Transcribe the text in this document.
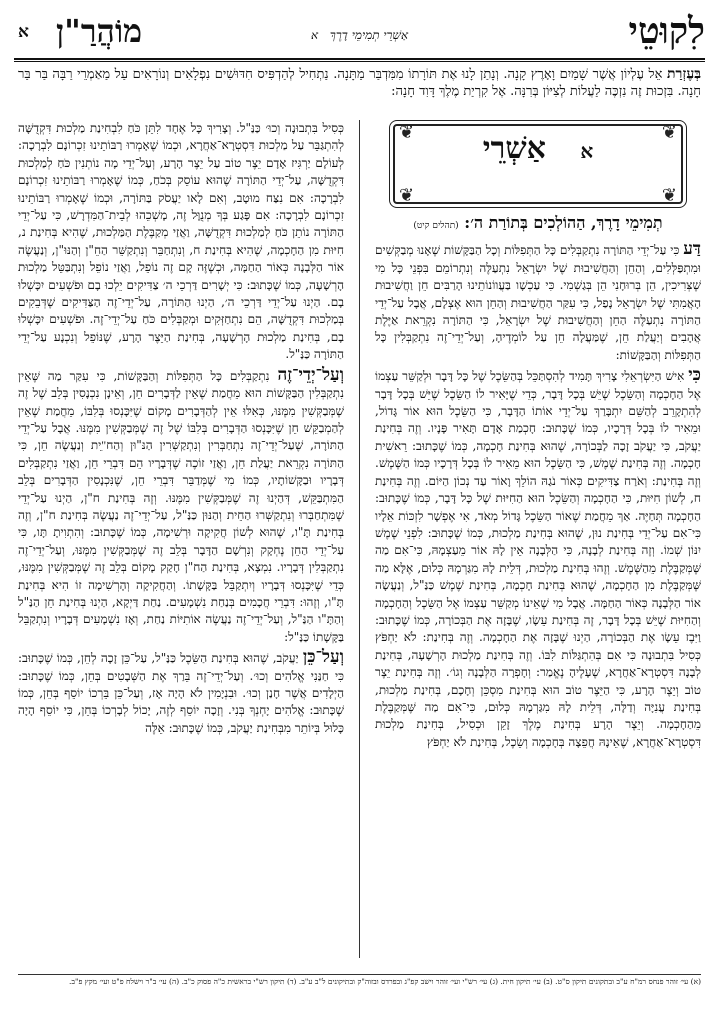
לִקוּטֵי
אַשְׁרֵי תְמִימֵי דָרֶךְ א
מוֹהֲרַ"ן
א
בְּעֶזְרַת אֵל עֶלְיוֹן אֲשֶׁר שָׁמַיִם וָאָרֶץ קָנָה. וְנָתַן לָנוּ אֶת תּוֹרָתוֹ מִמִּדְבַּר מַתָּנָה. נַתְחִיל לְהַדְפִּיס חִדּוּשִׁים נִפְלָאִים וְנוֹרָאִים עַל מַאַמְרֵי רַבָּה בַּר בַּר חָנָה. בִּזְכוּת זֶה נִזְכֶּה לַעֲלוֹת לְצִיּוֹן בְּרִנָּה. אֶל קִרְיַת מֶלֶךְ דָּוִד חָנָה:
❦	❦
❦	❦
א אַשְׁרֵי
תְמִימֵי דָרֶךְ, הַהוֹלְכִים בְּתוֹרַת ה׳: (תהלים קיט)

דַּע כִּי עַל־יְדֵי הַתּוֹרָה נִתְקַבְּלִים כָּל הַתְּפִלּוֹת וְכָל הַבַּקָּשׁוֹת שֶׁאָנוּ מְבַקְּשִׁים וּמִתְפַּלְּלִים, וְהַחֵן וְהַחֲשִׁיבוּת שֶׁל יִשְׂרָאֵל נִתְעַלֶּה וְנִתְרוֹמֵם בִּפְנֵי כָּל מִי שֶׁצְּרִיכִין, הֵן בְּרוּחָנִי הֵן בְּגַשְׁמִי. כִּי עַכְשָׁו בַּעֲווֹנוֹתֵינוּ הָרַבִּים חֵן וַחֲשִׁיבוּת הָאֲמִתִּי שֶׁל יִשְׂרָאֵל נָפַל, כִּי עִקַּר הַחֲשִׁיבוּת וְהַחֵן הוּא אֶצְלָם, אֲבָל עַל־יְדֵי הַתּוֹרָה נִתְעַלֶּה הַחֵן וְהַחֲשִׁיבוּת שֶׁל יִשְׂרָאֵל, כִּי הַתּוֹרָה נִקְרֵאת אַיֶּלֶת אֲהָבִים וְיַעֲלַת חֵן, שֶׁמַּעֲלָה חֵן עַל לוֹמְדֶיהָ, וְעַל־יְדֵי־זֶה נִתְקַבְּלִין כָּל הַתְּפִלּוֹת וְהַבַּקָּשׁוֹת:

כִּי אִישׁ הַיִּשְׂרְאֵלִי צָרִיךְ תָּמִיד לְהִסְתַּכֵּל בְּהַשֵּׂכֶל שֶׁל כָּל דָּבָר וּלְקַשֵּׁר עַצְמוֹ אֶל הַחָכְמָה וְהַשֵּׂכֶל שֶׁיֵּשׁ בְּכָל דָּבָר, כְּדֵי שֶׁיָּאִיר לוֹ הַשֵּׂכֶל שֶׁיֵּשׁ בְּכָל דָּבָר לְהִתְקָרֵב לְהַשֵּׁם יִתְבָּרַךְ עַל־יְדֵי אוֹתוֹ הַדָּבָר, כִּי הַשֵּׂכֶל הוּא אוֹר גָּדוֹל, וּמֵאִיר לוֹ בְּכָל דְּרָכָיו, כְּמוֹ שֶׁכָּתוּב: חָכְמַת אָדָם תָּאִיר פָּנָיו. וְזֶה בְּחִינַת יַעֲקֹב, כִּי יַעֲקֹב זָכָה לַבְּכוֹרָה, שֶׁהוּא בְּחִינַת חָכְמָה, כְּמוֹ שֶׁכָּתוּב: רֵאשִׁית חָכְמָה. וְזֶה בְּחִינַת שֶׁמֶשׁ, כִּי הַשֵּׂכֶל הוּא מֵאִיר לוֹ בְּכָל דְּרָכָיו כְּמוֹ הַשֶּׁמֶשׁ. וְזֶה בְּחִינַת: וְאֹרַח צַדִּיקִים כְּאוֹר נֹגַהּ הוֹלֵךְ וָאוֹר עַד נְכוֹן הַיּוֹם. וְזֶה בְּחִינַת ח, לְשׁוֹן חִיּוּת, כִּי הַחָכְמָה וְהַשֵּׂכֶל הוּא הַחִיּוּת שֶׁל כָּל דָּבָר, כְּמוֹ שֶׁכָּתוּב: הַחָכְמָה תְּחַיֶּה. אַךְ מֵחֲמַת שֶׁאוֹר הַשֵּׂכֶל גָּדוֹל מְאֹד, אִי אֶפְשָׁר לִזְכּוֹת אֵלָיו כִּי־אִם עַל־יְדֵי בְּחִינַת נוּן, שֶׁהוּא בְּחִינַת מַלְכוּת, כְּמוֹ שֶׁכָּתוּב: לִפְנֵי שֶׁמֶשׁ יִנּוֹן שְׁמוֹ. וְזֶה בְּחִינַת לְבָנָה, כִּי הַלְּבָנָה אֵין לָהּ אוֹר מֵעַצְמָהּ, כִּי־אִם מַה שֶּׁמְּקַבֶּלֶת מֵהַשֶּׁמֶשׁ. וְזֶהוּ בְּחִינַת מַלְכוּת, דְּלֵית לָהּ מִגַּרְמָהּ כְּלוּם, אֶלָּא מַה שֶּׁמְּקַבֶּלֶת מִן הַחָכְמָה, שֶׁהוּא בְּחִינַת חָכְמָה, בְּחִינַת שֶׁמֶשׁ כַּנַּ"ל, וְנַעֲשָׂה אוֹר הַלְּבָנָה כְּאוֹר הַחַמָּה. אֲבָל מִי שֶׁאֵינוֹ מְקַשֵּׁר עַצְמוֹ אֶל הַשֵּׂכֶל וְהַחָכְמָה וְהַחִיּוּת שֶׁיֵּשׁ בְּכָל דָּבָר, זֶה בְּחִינַת עֵשָׂו, שֶׁבָּזָה אֶת הַבְּכוֹרָה, כְּמוֹ שֶׁכָּתוּב: וַיִּבֶז עֵשָׂו אֶת הַבְּכוֹרָה, הַיְנוּ שֶׁבָּזָה אֶת הַחָכְמָה. וְזֶה בְּחִינַת: לֹא יַחְפֹּץ כְּסִיל בִּתְבוּנָה כִּי אִם בְּהִתְגַּלּוֹת לִבּוֹ. וְזֶה בְּחִינַת מַלְכוּת הָרְשָׁעָה, בְּחִינַת לְבָנָה דִּסְטְרָא־אַחֲרָא, שֶׁעָלֶיהָ נֶאֱמַר: וְחָפְרָה הַלְּבָנָה וְגוֹ׳. וְזֶה בְּחִינַת יֵצֶר טוֹב וְיֵצֶר הָרָע, כִּי הַיֵּצֶר טוֹב הוּא בְּחִינַת מִסְכֵּן וְחָכָם, בְּחִינַת מַלְכוּת, בְּחִינַת עֲנִיָּה וְדַלָּה, דְּלֵית לָהּ מִגַּרְמָהּ כְּלוּם, כִּי־אִם מַה שֶּׁמְּקַבֶּלֶת מֵהַחָכְמָה. וְיֵצֶר הָרָע בְּחִינַת מֶלֶךְ זָקֵן וּכְסִיל, בְּחִינַת מַלְכוּת דִּסְטְרָא־אַחֲרָא, שֶׁאֵינָהּ חֲפֵצָה בְּחָכְמָה וְשֵׂכֶל, בְּחִינַת לֹא יַחְפֹּץ

כְּסִיל בִּתְבוּנָה וְכוּ׳ כַּנַּ"ל. וְצָרִיךְ כָּל אֶחָד לִתֵּן כֹּחַ לִבְחִינַת מַלְכוּת דִּקְדֻשָּׁה לְהִתְגַּבֵּר עַל מַלְכוּת דִּסְטְרָא־אַחֲרָא, וּכְמוֹ שֶׁאָמְרוּ רַבּוֹתֵינוּ זִכְרוֹנָם לִבְרָכָה: לְעוֹלָם יַרְגִּיז אָדָם יֵצֶר טוֹב עַל יֵצֶר הָרָע, וְעַל־יְדֵי מָה נוֹתְנִין כֹּחַ לְמַלְכוּת דִּקְדֻשָּׁה, עַל־יְדֵי הַתּוֹרָה שֶׁהוּא עוֹסֵק בְּכֹחַ, כְּמוֹ שֶׁאָמְרוּ רַבּוֹתֵינוּ זִכְרוֹנָם לִבְרָכָה: אִם נִצַּח מוּטָב, וְאִם לָאו יַעֲסֹק בַּתּוֹרָה, וּכְמוֹ שֶׁאָמְרוּ רַבּוֹתֵינוּ זִכְרוֹנָם לִבְרָכָה: אִם פָּגַע בְּךָ מְנֻוָּל זֶה, מָשְׁכֵהוּ לְבֵית־הַמִּדְרָשׁ, כִּי עַל־יְדֵי הַתּוֹרָה נוֹתֵן כֹּחַ לְמַלְכוּת דִּקְדֻשָּׁה, וַאֲזַי מְקַבֶּלֶת הַמַּלְכוּת, שֶׁהִיא בְּחִינַת נ, חִיּוּת מִן הַחָכְמָה, שֶׁהִיא בְּחִינַת ח, וְנִתְחַבֵּר וְנִתְקַשֵּׁר הַחֵ"ן וְהַנּוּ"ן, וְנַעֲשֶׂה אוֹר הַלְּבָנָה כְּאוֹר הַחַמָּה, וּכְשֶׁזֶּה קָם זֶה נוֹפֵל, וַאֲזַי נוֹפֵל וְנִתְבַּטֵּל מַלְכוּת הָרְשָׁעָה, כְּמוֹ שֶׁכָּתוּב: כִּי יְשָׁרִים דַּרְכֵי ה׳ צַדִּיקִים יֵלְכוּ בָם וּפֹשְׁעִים יִכָּשְׁלוּ בָם. הַיְנוּ עַל־יְדֵי דַּרְכֵי ה׳, הַיְנוּ הַתּוֹרָה, עַל־יְדֵי־זֶה הַצַּדִּיקִים שֶׁדְּבֵקִים בְּמַלְכוּת דִּקְדֻשָּׁה, הֵם נִתְחַזְּקִים וּמְקַבְּלִים כֹּחַ עַל־יְדֵי־זֶה. וּפֹשְׁעִים יִכָּשְׁלוּ בָם, בְּחִינַת מַלְכוּת הָרְשָׁעָה, בְּחִינַת הַיֵּצֶר הָרָע, שֶׁנּוֹפֵל וְנִכְנָע עַל־יְדֵי הַתּוֹרָה כַּנַּ"ל.

וְעַל־יְדֵי־זֶה נִתְקַבְּלִים כָּל הַתְּפִלּוֹת וְהַבַּקָּשׁוֹת, כִּי עִקַּר מַה שֶּׁאֵין נִתְקַבְּלִין הַבַּקָּשׁוֹת הוּא מֵחֲמַת שֶׁאֵין לַדְּבָרִים חֵן, וְאֵינָן נִכְנָסִין בְּלֵב שֶׁל זֶה שֶׁמְּבַקְּשִׁין מִמֶּנּוּ, כְּאִלּוּ אֵין לְהַדְּבָרִים מָקוֹם שֶׁיִּכָּנְסוּ בְּלִבּוֹ, מֵחֲמַת שֶׁאֵין לְהַמְבַקֵּשׁ חֵן שֶׁיִּכָּנְסוּ הַדְּבָרִים בְּלִבּוֹ שֶׁל זֶה שֶׁמְּבַקְּשִׁין מִמֶּנּוּ. אֲבָל עַל־יְדֵי הַתּוֹרָה, שֶׁעַל־יְדֵי־זֶה נִתְחַבְּרִין וְנִתְקַשְּׁרִין הַנּ"וּן וְהַח"ֵית וְנַעֲשֶׂה חֵן, כִּי הַתּוֹרָה נִקְרֵאת יַעֲלַת חֵן, וַאֲזַי זוֹכֶה שֶׁדְּבָרָיו הֵם דִּבְרֵי חֵן, וַאֲזַי נִתְקַבְּלִים דְּבָרָיו וּבַקָּשׁוֹתָיו, כְּמוֹ מִי שֶׁמְּדַבֵּר דִּבְרֵי חֵן, שֶׁנִּכְנָסִין הַדְּבָרִים בְּלֵב הַמִּתְבַּקֵּשׁ, דְּהַיְנוּ זֶה שֶׁמְּבַקְּשִׁין מִמֶּנּוּ. וְזֶה בְּחִינַת ח"ן, הַיְנוּ עַל־יְדֵי שֶׁמִּתְחַבְּרוּ וְנִתְקַשְּׁרוּ הַחֵית וְהַנּוּן כַּנַּ"ל, עַל־יְדֵי־זֶה נַעֲשֶׂה בְּחִינַת ח"ן, וְזֶה בְּחִינַת תָּ"ו, שֶׁהוּא לְשׁוֹן חֲקִיקָה וּרְשִׁימָה, כְּמוֹ שֶׁכָּתוּב: וְהִתְוִיתָ תָּו, כִּי עַל־יְדֵי הַחֵן נֶחְקָק וְנִרְשָׁם הַדָּבָר בְּלֵב זֶה שֶׁמְּבַקְּשִׁין מִמֶּנּוּ, וְעַל־יְדֵי־זֶה נִתְקַבְּלִין דְּבָרָיו. נִמְצָא, בְּחִינַת הַח"ן חָקַק מָקוֹם בְּלֵב זֶה שֶׁמְּבַקְּשִׁין מִמֶּנּוּ, כְּדֵי שֶׁיִּכָּנְסוּ דְּבָרָיו וְיִתְקַבֵּל בַּקָּשָׁתוֹ. וְהַחֲקִיקָה וְהָרְשִׁימָה זוֹ הִיא בְּחִינַת תָּ"ו, וְזֶהוּ: דִּבְרֵי חֲכָמִים בְּנַחַת נִשְׁמָעִים. נַחַת דַּיְקָא, הַיְנוּ בְּחִינַת חֵן הַנַּ"ל וְהַתָּ"ו הַנַּ"ל, וְעַל־יְדֵי־זֶה נַעֲשֶׂה אוֹתִיּוֹת נַחַת, וְאָז נִשְׁמָעִים דְּבָרָיו וְנִתְקַבֵּל בַּקָּשָׁתוֹ כַּנַּ"ל:

וְעַל־כֵּן יַעֲקֹב, שֶׁהוּא בְּחִינַת הַשֵּׂכֶל כַּנַּ"ל, עַל־כֵּן זָכָה לְחֵן, כְּמוֹ שֶׁכָּתוּב: כִּי חַנַּנִי אֱלֹהִים וְכוּ׳. וְעַל־יְדֵי־זֶה בֵּרַךְ אֶת הַשְּׁבָטִים בְּחֵן, כְּמוֹ שֶׁכָּתוּב: הַיְלָדִים אֲשֶׁר חָנַן וְכוּ׳. וּבִנְיָמִין לֹא הָיָה אָז, וְעַל־כֵּן בֵּרְכוֹ יוֹסֵף בְּחֵן, כְּמוֹ שֶׁכָּתוּב: אֱלֹהִים יָחְנְךָ בְּנִי. וְזָכָה יוֹסֵף לְזֶה, יָכוֹל לְבָרְכוֹ בְּחֵן, כִּי יוֹסֵף הָיָה כָּלוּל בְּיוֹתֵר מִבְּחִינַת יַעֲקֹב, כְּמוֹ שֶׁכָּתוּב: אֵלֶּה

(א) עי׳ זוהר פנחס רמ"ח ע"ב ובתקונים תיקון ס"ט. (ב) עי׳ תיקון חית. (ג) עי׳ רש"י ועי׳ זוהר וישב קפ"ג ובפרדס ובזוה"ק ובתיקונים ל"ב ע"ב. (ד) תיקון רש"י בראשית כ"ה פסוק כ"ב. (ה) עי׳ ב"ר וישלח פ"ט ועי׳ מקץ פ"ב.
